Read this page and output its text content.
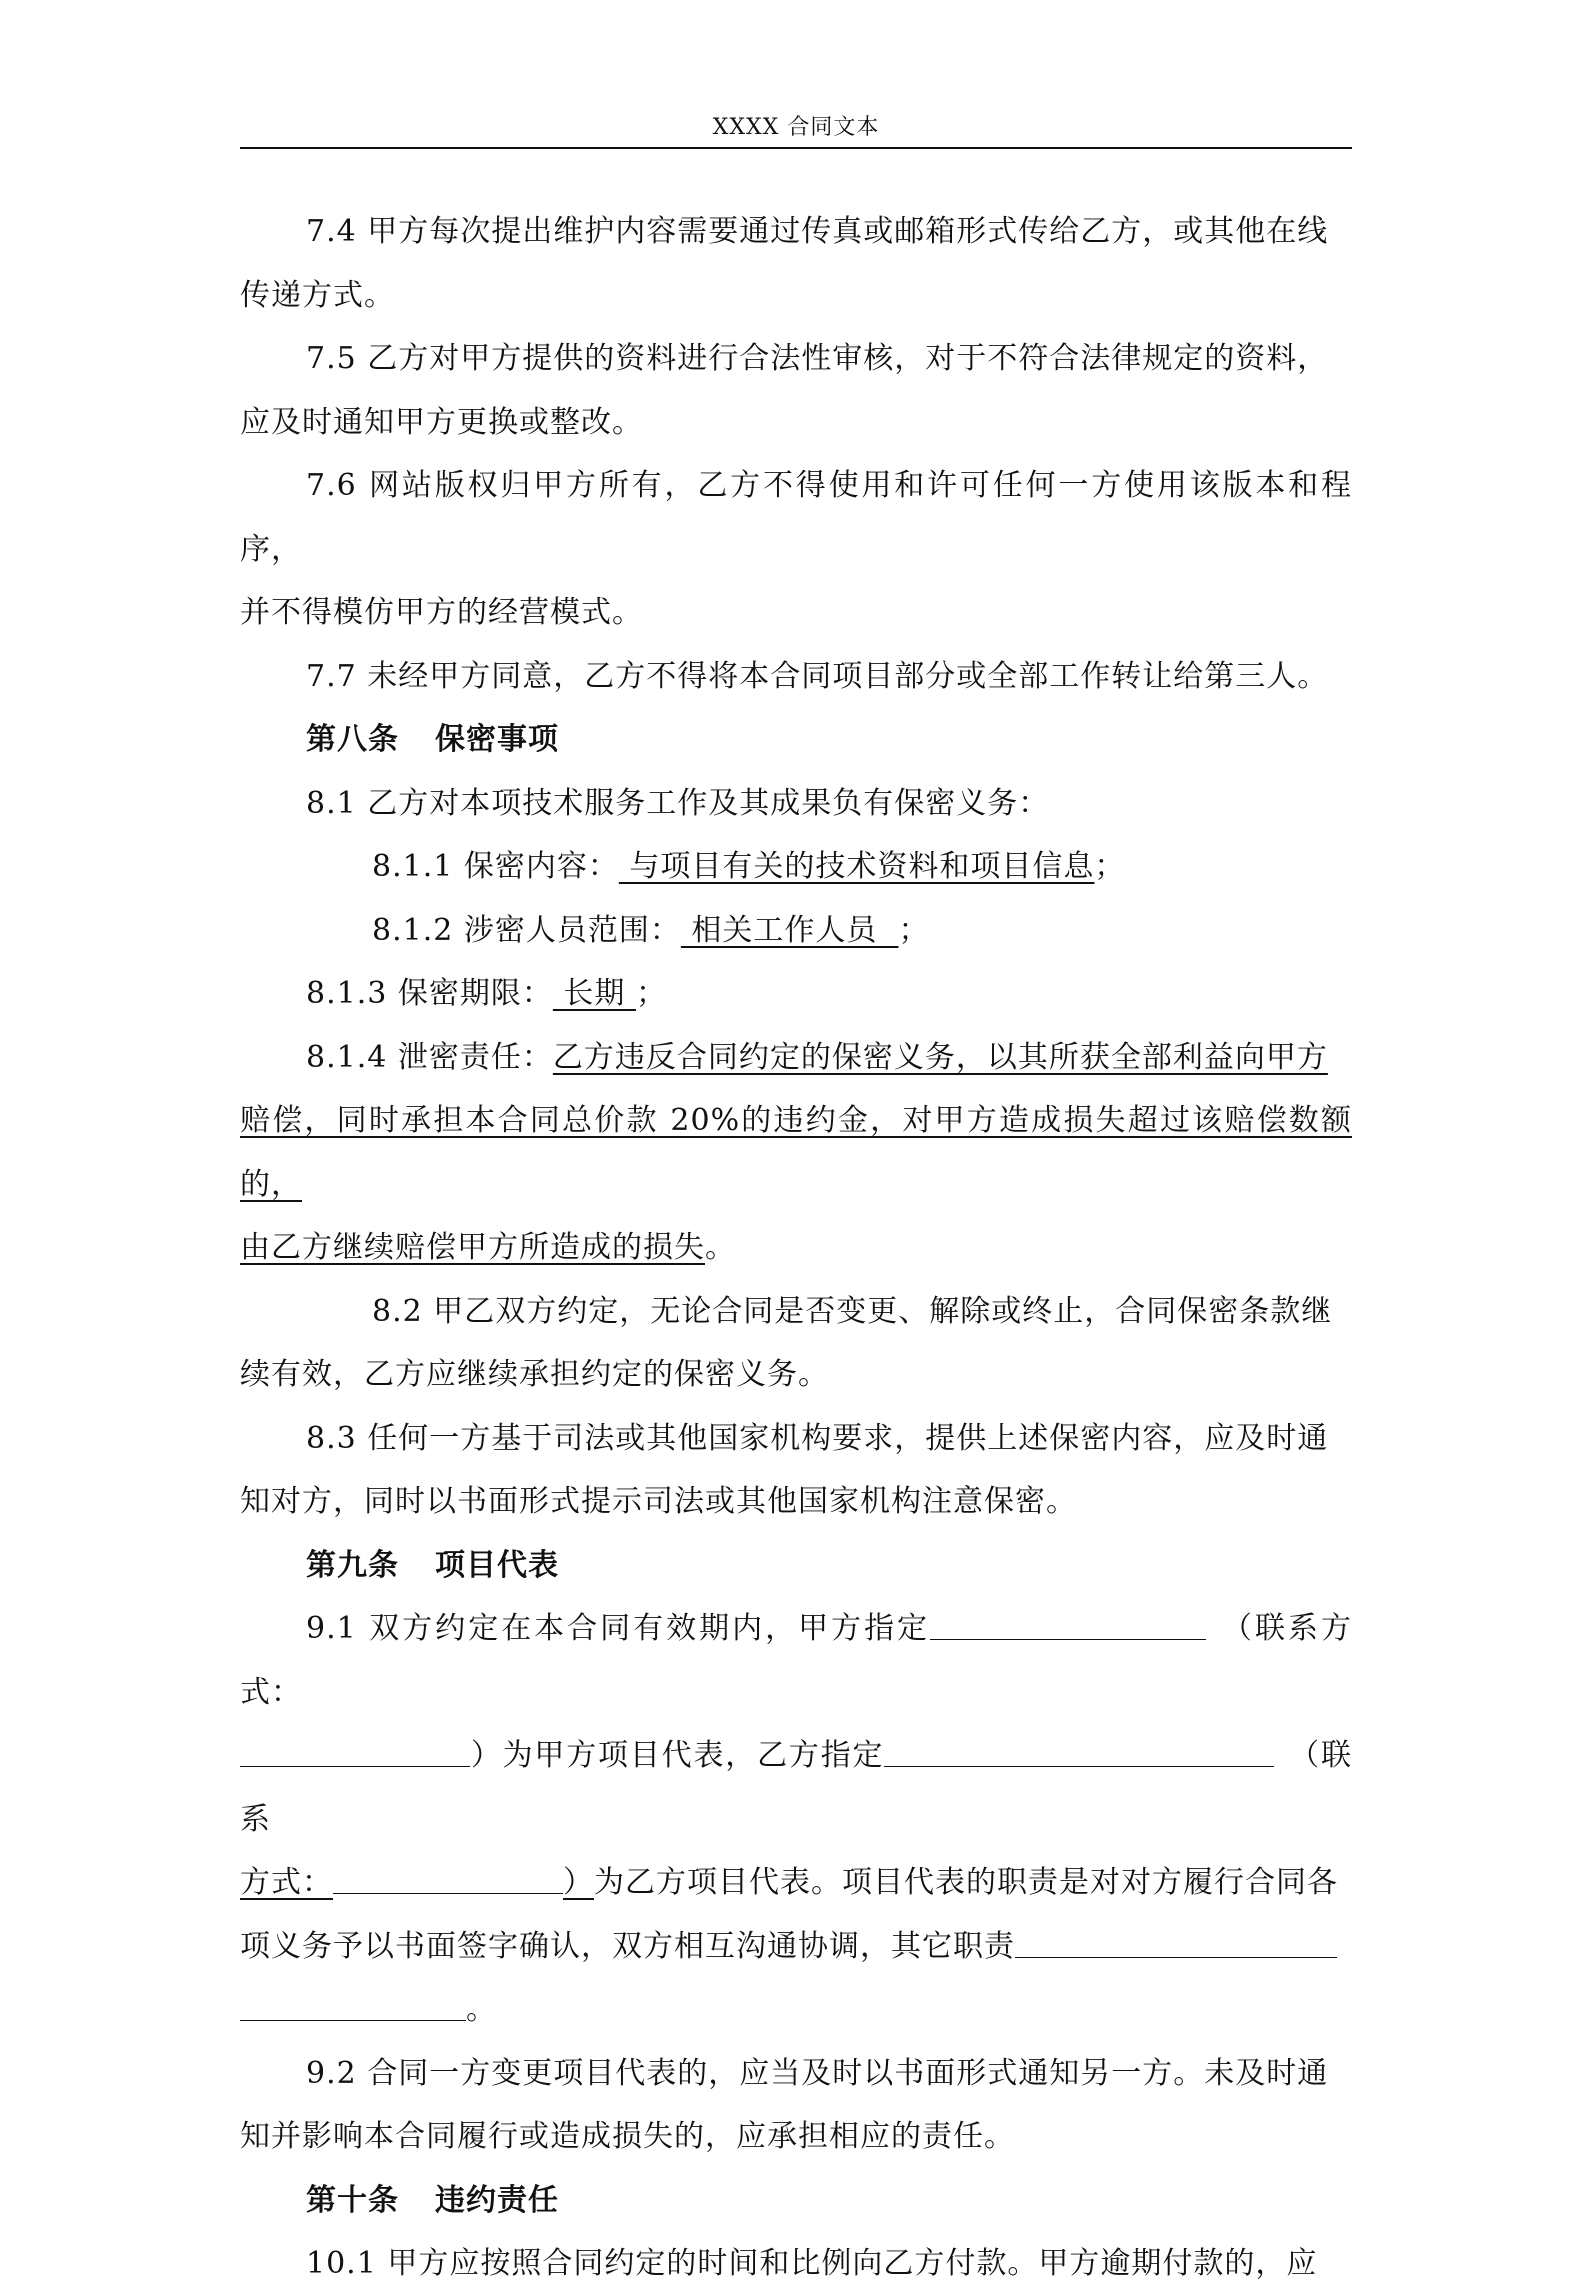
XXXX 合同文本

7.4 甲方每次提出维护内容需要通过传真或邮箱形式传给乙方，或其他在线

传递方式。

7.5 乙方对甲方提供的资料进行合法性审核，对于不符合法律规定的资料，

应及时通知甲方更换或整改。

7.6 网站版权归甲方所有，乙方不得使用和许可任何一方使用该版本和程序，

并不得模仿甲方的经营模式。

7.7 未经甲方同意，乙方不得将本合同项目部分或全部工作转让给第三人。

第八条 保密事项

8.1 乙方对本项技术服务工作及其成果负有保密义务：

8.1.1 保密内容： 与项目有关的技术资料和项目信息；

8.1.2 涉密人员范围： 相关工作人员  ；

8.1.3 保密期限： 长期 ；

8.1.4 泄密责任：乙方违反合同约定的保密义务，以其所获全部利益向甲方

赔偿，同时承担本合同总价款 20%的违约金，对甲方造成损失超过该赔偿数额的，

由乙方继续赔偿甲方所造成的损失。

8.2 甲乙双方约定，无论合同是否变更、解除或终止，合同保密条款继

续有效，乙方应继续承担约定的保密义务。

8.3 任何一方基于司法或其他国家机构要求，提供上述保密内容，应及时通

知对方，同时以书面形式提示司法或其他国家机构注意保密。

第九条 项目代表

9.1 双方约定在本合同有效期内，甲方指定	（联系方式：

）为甲方项目代表，乙方指定	（联系

方式：	）为乙方项目代表。项目代表的职责是对对方履行合同各

项义务予以书面签字确认，双方相互沟通协调，其它职责

。

9.2 合同一方变更项目代表的，应当及时以书面形式通知另一方。未及时通

知并影响本合同履行或造成损失的，应承担相应的责任。

第十条 违约责任

10.1 甲方应按照合同约定的时间和比例向乙方付款。甲方逾期付款的，应
